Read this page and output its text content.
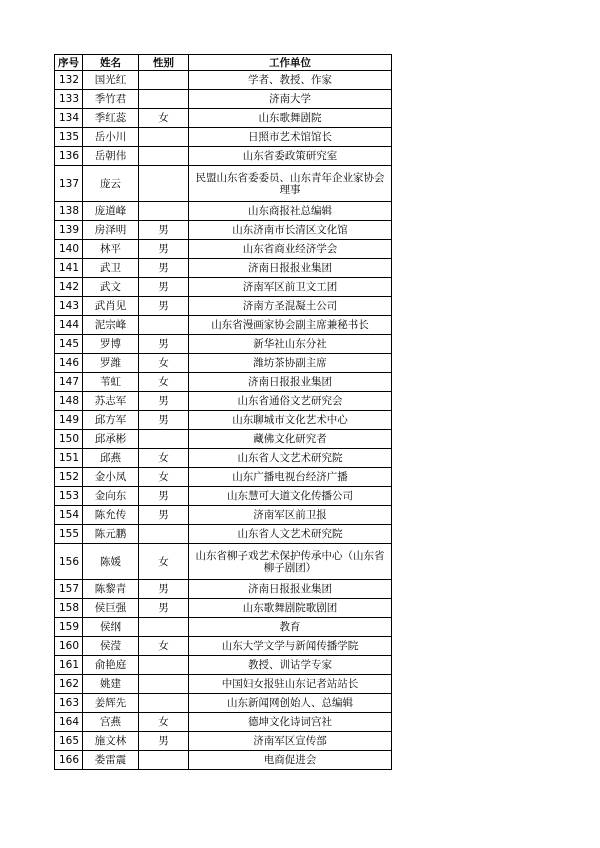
序号	姓名	性别	工作单位
132	国光红		学者、教授、作家
133	季竹君		济南大学
134	季红蕊	女	山东歌舞剧院
135	岳小川		日照市艺术馆馆长
136	岳朝伟		山东省委政策研究室
137	庞云		民盟山东省委委员、山东青年企业家协会理事
138	庞道峰		山东商报社总编辑
139	房泽明	男	山东济南市长清区文化馆
140	林平	男	山东省商业经济学会
141	武卫	男	济南日报报业集团
142	武文	男	济南军区前卫文工团
143	武肖见	男	济南方圣混凝土公司
144	泥宗峰		山东省漫画家协会副主席兼秘书长
145	罗博	男	新华社山东分社
146	罗潍	女	潍坊茶协副主席
147	苇虹	女	济南日报报业集团
148	苏志军	男	山东省通俗文艺研究会
149	邱方军	男	山东聊城市文化艺术中心
150	邱承彬		藏佛文化研究者
151	邱燕	女	山东省人文艺术研究院
152	金小凤	女	山东广播电视台经济广播
153	金向东	男	山东慧可大道文化传播公司
154	陈允传	男	济南军区前卫报
155	陈元鹏		山东省人文艺术研究院
156	陈媛	女	山东省柳子戏艺术保护传承中心（山东省柳子剧团）
157	陈黎青	男	济南日报报业集团
158	侯巨强	男	山东歌舞剧院歌剧团
159	侯纲		教育
160	侯滢	女	山东大学文学与新闻传播学院
161	俞艳庭		教授、训诂学专家
162	姚建		中国妇女报驻山东记者站站长
163	姜辉先		山东新闻网创始人、总编辑
164	宫燕	女	德坤文化诗词宫社
165	施文林	男	济南军区宣传部
166	娄雷震		电商促进会
